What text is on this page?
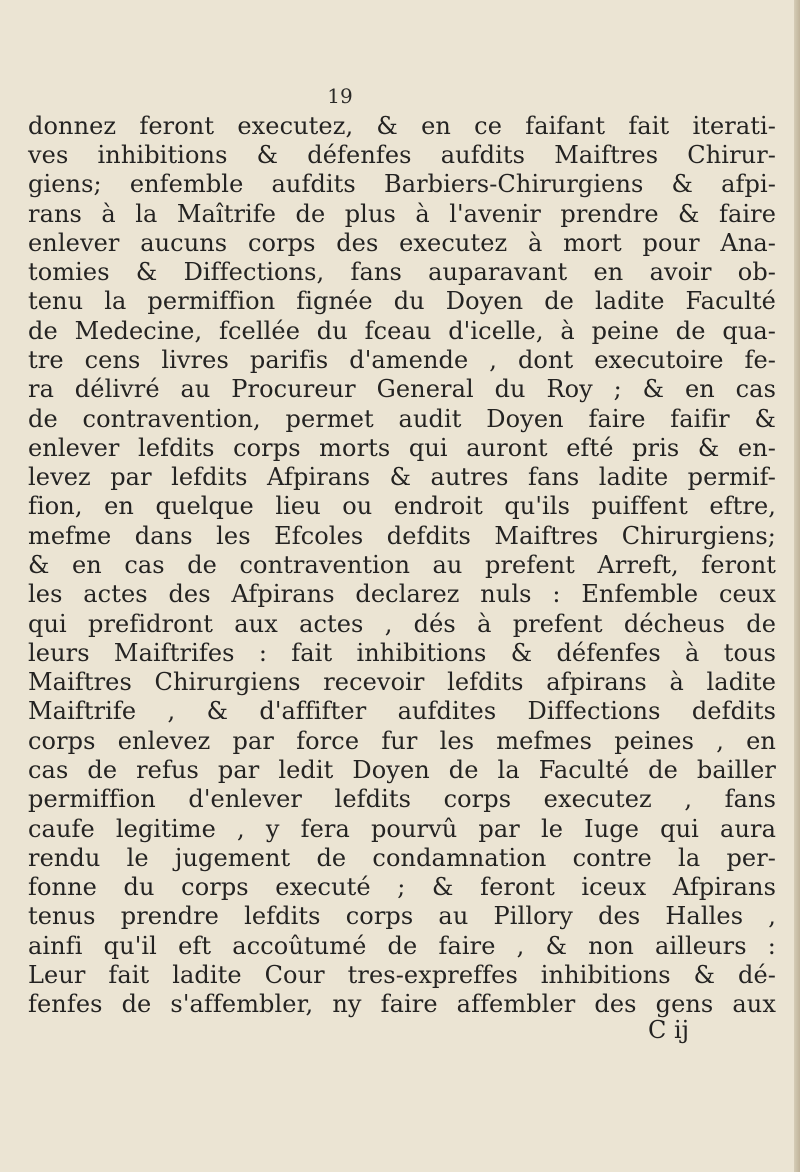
19
donnez feront executez, & en ce faifant fait iterati-
ves inhibitions & défenfes aufdits Maiftres Chirur-
giens; enfemble aufdits Barbiers-Chirurgiens & afpi-
rans à la Maîtrife de plus à l'avenir prendre & faire
enlever aucuns corps des executez à mort pour Ana-
tomies & Diffections, fans auparavant en avoir ob-
tenu la permiffion fignée du Doyen de ladite Faculté
de Medecine, fcellée du fceau d'icelle, à peine de qua-
tre cens livres parifis d'amende , dont executoire fe-
ra délivré au Procureur General du Roy ; & en cas
de contravention, permet audit Doyen faire faifir &
enlever lefdits corps morts qui auront efté pris & en-
levez par lefdits Afpirans & autres fans ladite permif-
fion, en quelque lieu ou endroit qu'ils puiffent eftre,
mefme dans les Efcoles defdits Maiftres Chirurgiens;
& en cas de contravention au prefent Arreft, feront
les actes des Afpirans declarez nuls : Enfemble ceux
qui prefidront aux actes , dés à prefent décheus de
leurs Maiftrifes : fait inhibitions & défenfes à tous
Maiftres Chirurgiens recevoir lefdits afpirans à ladite
Maiftrife , & d'affifter aufdites Diffections defdits
corps enlevez par force fur les mefmes peines , en
cas de refus par ledit Doyen de la Faculté de bailler
permiffion d'enlever lefdits corps executez , fans
caufe legitime , y fera pourvû par le Iuge qui aura
rendu le jugement de condamnation contre la per-
fonne du corps executé ; & feront iceux Afpirans
tenus prendre lefdits corps au Pillory des Halles ,
ainfi qu'il eft accoûtumé de faire , & non ailleurs :
Leur fait ladite Cour tres-expreffes inhibitions & dé-
fenfes de s'affembler, ny faire affembler des gens aux
C ij
